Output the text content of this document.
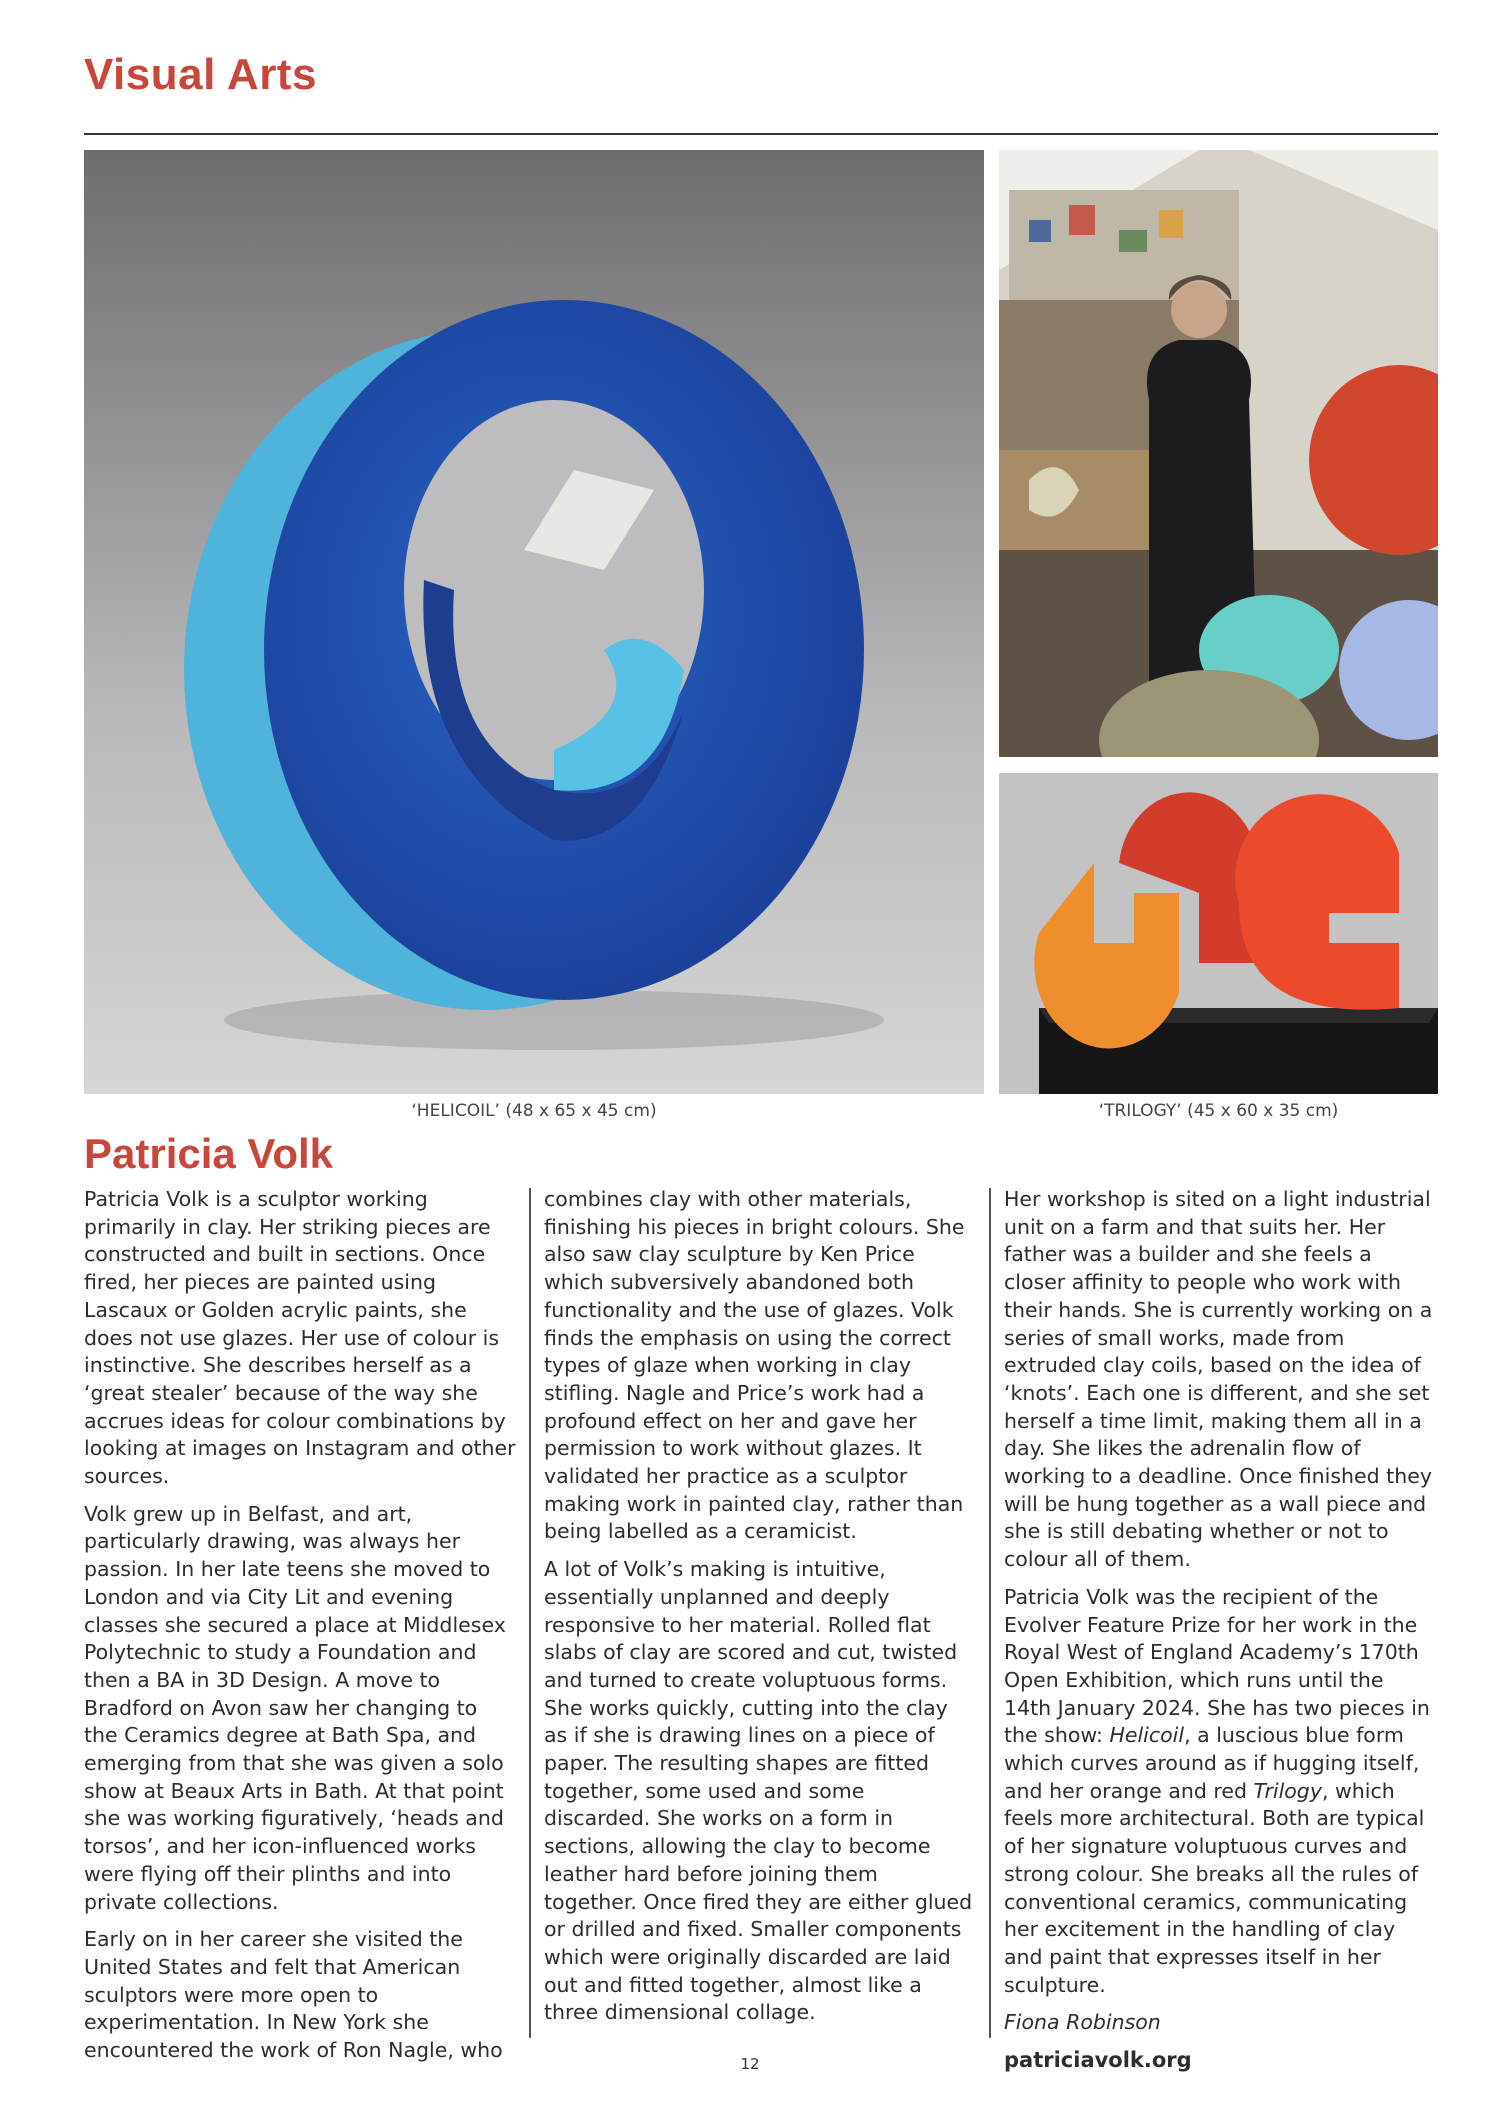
Visual Arts
‘HELICOIL’ (48 x 65 x 45 cm)	‘TRILOGY’ (45 x 60 x 35 cm)
Patricia Volk

Patricia Volk is a sculptor working primarily in clay. Her striking pieces are constructed and built in sections. Once fired, her pieces are painted using Lascaux or Golden acrylic paints, she does not use glazes. Her use of colour is instinctive. She describes herself as a ‘great stealer’ because of the way she accrues ideas for colour combinations by looking at images on Instagram and other sources.

Volk grew up in Belfast, and art, particularly drawing, was always her passion. In her late teens she moved to London and via City Lit and evening classes she secured a place at Middlesex Polytechnic to study a Foundation and then a BA in 3D Design. A move to Bradford on Avon saw her changing to the Ceramics degree at Bath Spa, and emerging from that she was given a solo show at Beaux Arts in Bath. At that point she was working figuratively, ‘heads and torsos’, and her icon-influenced works were flying off their plinths and into private collections.

Early on in her career she visited the United States and felt that American sculptors were more open to experimentation. In New York she encountered the work of Ron Nagle, who

combines clay with other materials, finishing his pieces in bright colours. She also saw clay sculpture by Ken Price which subversively abandoned both functionality and the use of glazes. Volk finds the emphasis on using the correct types of glaze when working in clay stifling. Nagle and Price’s work had a profound effect on her and gave her permission to work without glazes. It validated her practice as a sculptor making work in painted clay, rather than being labelled as a ceramicist.

A lot of Volk’s making is intuitive, essentially unplanned and deeply responsive to her material. Rolled flat slabs of clay are scored and cut, twisted and turned to create voluptuous forms. She works quickly, cutting into the clay as if she is drawing lines on a piece of paper. The resulting shapes are fitted together, some used and some discarded. She works on a form in sections, allowing the clay to become leather hard before joining them together. Once fired they are either glued or drilled and fixed. Smaller components which were originally discarded are laid out and fitted together, almost like a three dimensional collage.

Her workshop is sited on a light industrial unit on a farm and that suits her. Her father was a builder and she feels a closer affinity to people who work with their hands. She is currently working on a series of small works, made from extruded clay coils, based on the idea of ‘knots’. Each one is different, and she set herself a time limit, making them all in a day. She likes the adrenalin flow of working to a deadline. Once finished they will be hung together as a wall piece and she is still debating whether or not to colour all of them.

Patricia Volk was the recipient of the Evolver Feature Prize for her work in the Royal West of England Academy’s 170th Open Exhibition, which runs until the 14th January 2024. She has two pieces in the show: Helicoil, a luscious blue form which curves around as if hugging itself, and her orange and red Trilogy, which feels more architectural. Both are typical of her signature voluptuous curves and strong colour. She breaks all the rules of conventional ceramics, communicating her excitement in the handling of clay and paint that expresses itself in her sculpture.

Fiona Robinson

patriciavolk.org
12
